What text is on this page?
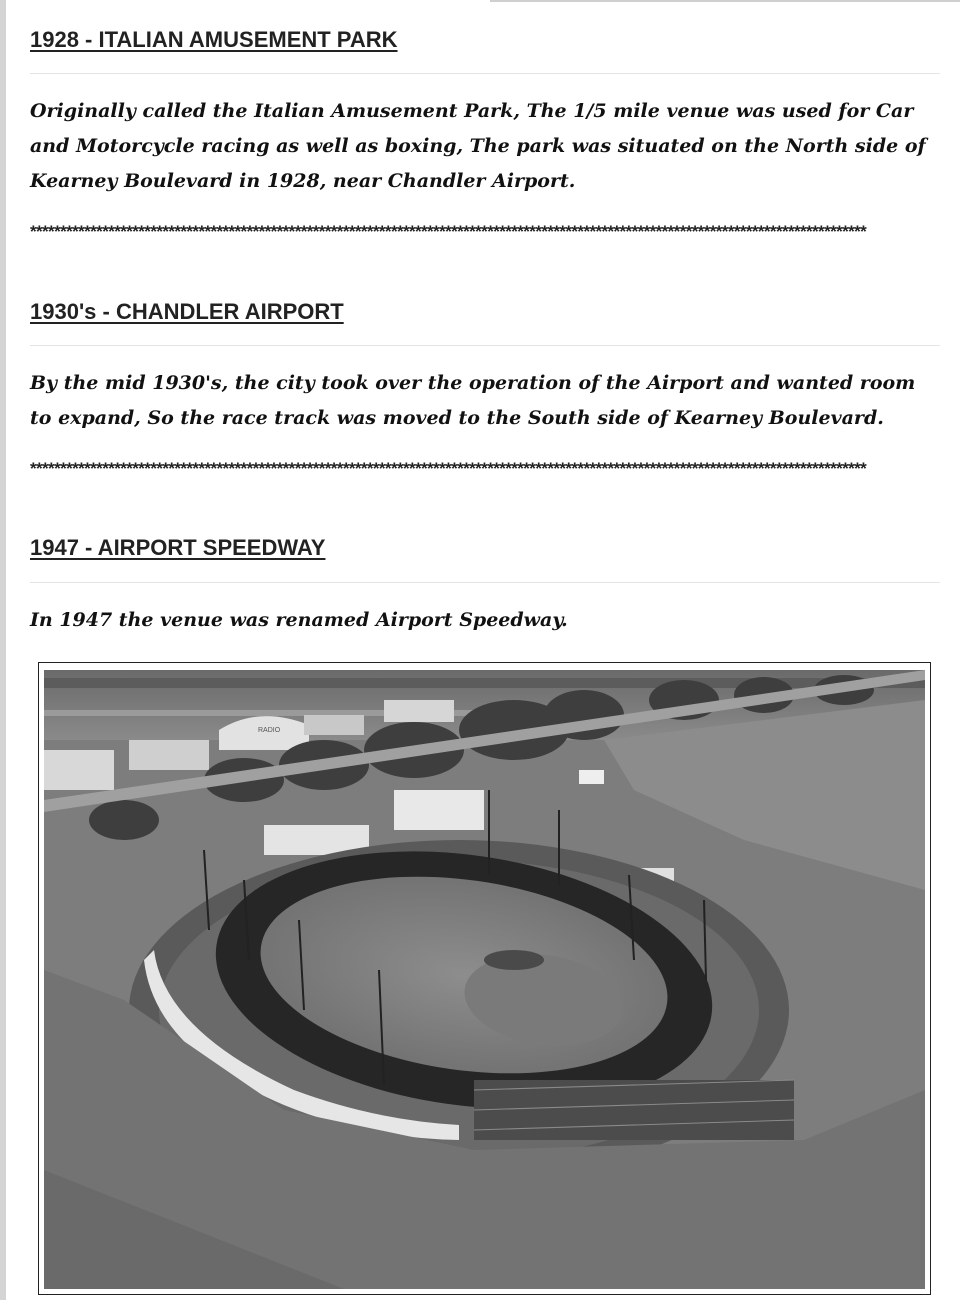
1928 - ITALIAN AMUSEMENT PARK
Originally called the Italian Amusement Park, The 1/5 mile venue was used for Car and Motorcycle racing as well as boxing, The park was situated on the North side of Kearney Boulevard in 1928, near Chandler Airport.
*******************************************************************************************************************************************
1930's - CHANDLER AIRPORT
By the mid 1930's, the city took over the operation of the Airport and wanted room to expand, So the race track was moved to the South side of Kearney Boulevard.
*******************************************************************************************************************************************
1947 - AIRPORT SPEEDWAY
In 1947 the venue was renamed Airport Speedway.
RADIO
